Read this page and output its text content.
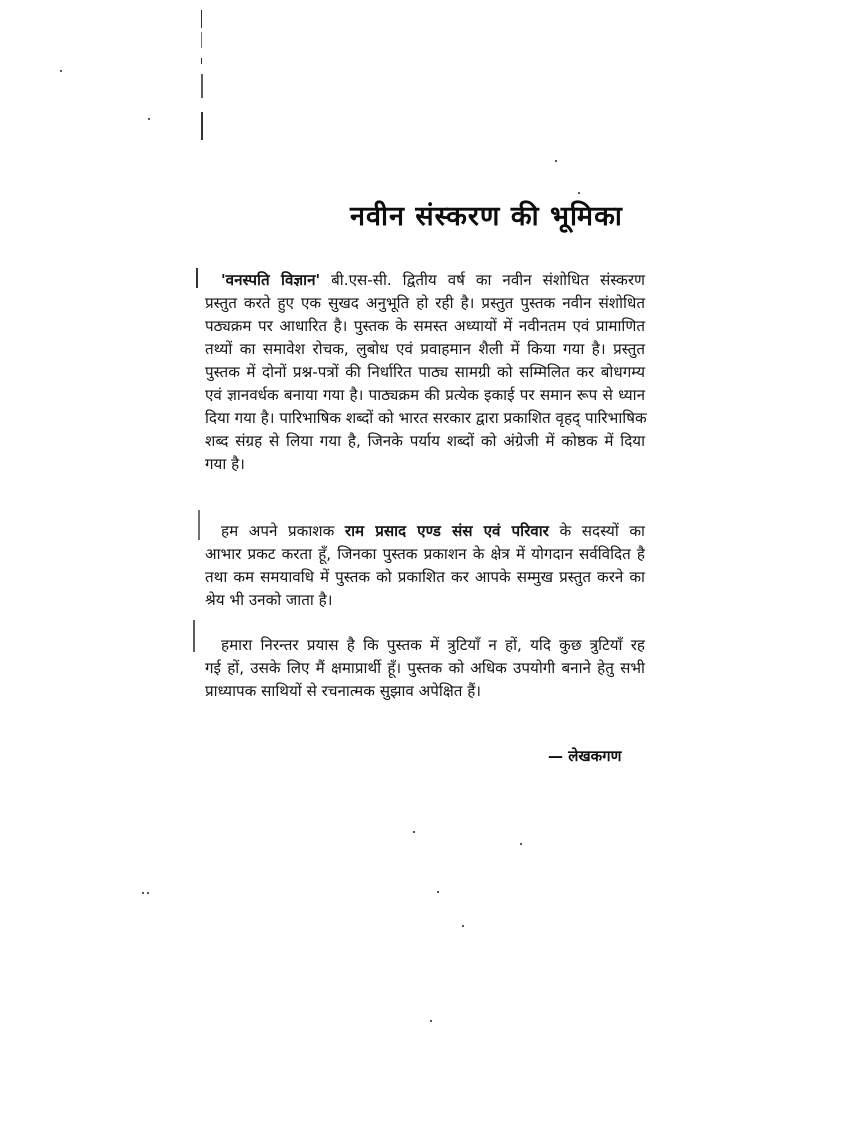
नवीन संस्करण की भूमिका
'वनस्पति विज्ञान' बी.एस-सी. द्वितीय वर्ष का नवीन संशोधित संस्करण
प्रस्तुत करते हुए एक सुखद अनुभूति हो रही है। प्रस्तुत पुस्तक नवीन संशोधित
पठ्यक्रम पर आधारित है। पुस्तक के समस्त अध्यायों में नवीनतम एवं प्रामाणित
तथ्यों का समावेश रोचक, लुबोध एवं प्रवाहमान शैली में किया गया है। प्रस्तुत
पुस्तक में दोनों प्रश्न-पत्रों की निर्धारित पाठ्य सामग्री को सम्मिलित कर बोधगम्य
एवं ज्ञानवर्धक बनाया गया है। पाठ्यक्रम की प्रत्येक इकाई पर समान रूप से ध्यान
दिया गया है। पारिभाषिक शब्दों को भारत सरकार द्वारा प्रकाशित वृहद् पारिभाषिक
शब्द संग्रह से लिया गया है, जिनके पर्याय शब्दों को अंग्रेजी में कोष्ठक में दिया
गया है।
हम अपने प्रकाशक राम प्रसाद एण्ड संस एवं परिवार के सदस्यों का
आभार प्रकट करता हूँ, जिनका पुस्तक प्रकाशन के क्षेत्र में योगदान सर्वविदित है
तथा कम समयावधि में पुस्तक को प्रकाशित कर आपके सम्मुख प्रस्तुत करने का
श्रेय भी उनको जाता है।
हमारा निरन्तर प्रयास है कि पुस्तक में त्रुटियाँ न हों, यदि कुछ त्रुटियाँ रह
गई हों, उसके लिए मैं क्षमाप्रार्थी हूँ। पुस्तक को अधिक उपयोगी बनाने हेतु सभी
प्राध्यापक साथियों से रचनात्मक सुझाव अपेक्षित हैं।
— लेखकगण
